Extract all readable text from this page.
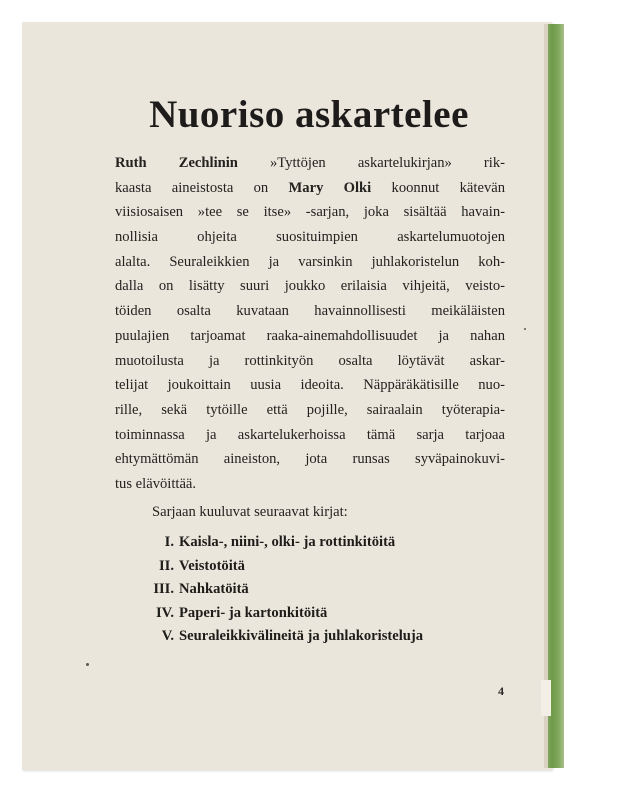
Nuoriso askartelee
Ruth Zechlinin »Tyttöjen askartelukirjan» rik-
kaasta aineistosta on Mary Olki koonnut kätevän
viisiosaisen »tee se itse» -sarjan, joka sisältää havain-
nollisia ohjeita suosituimpien askartelumuotojen
alalta. Seuraleikkien ja varsinkin juhlakoristelun koh-
dalla on lisätty suuri joukko erilaisia vihjeitä, veisto-
töiden osalta kuvataan havainnollisesti meikäläisten
puulajien tarjoamat raaka-ainemahdollisuudet ja nahan
muotoilusta ja rottinkityön osalta löytävät askar-
telijat joukoittain uusia ideoita. Näppäräkätisille nuo-
rille, sekä tytöille että pojille, sairaalain työterapia-
toiminnassa ja askartelukerhoissa tämä sarja tarjoaa
ehtymättömän aineiston, jota runsas syväpainokuvi-
tus elävöittää.
Sarjaan kuuluvat seuraavat kirjat:
I. Kaisla-, niini-, olki- ja rottinkitöitä
II. Veistotöitä
III. Nahkatöitä
IV. Paperi- ja kartonkitöitä
V. Seuraleikkivälineitä ja juhlakoristeluja
4
